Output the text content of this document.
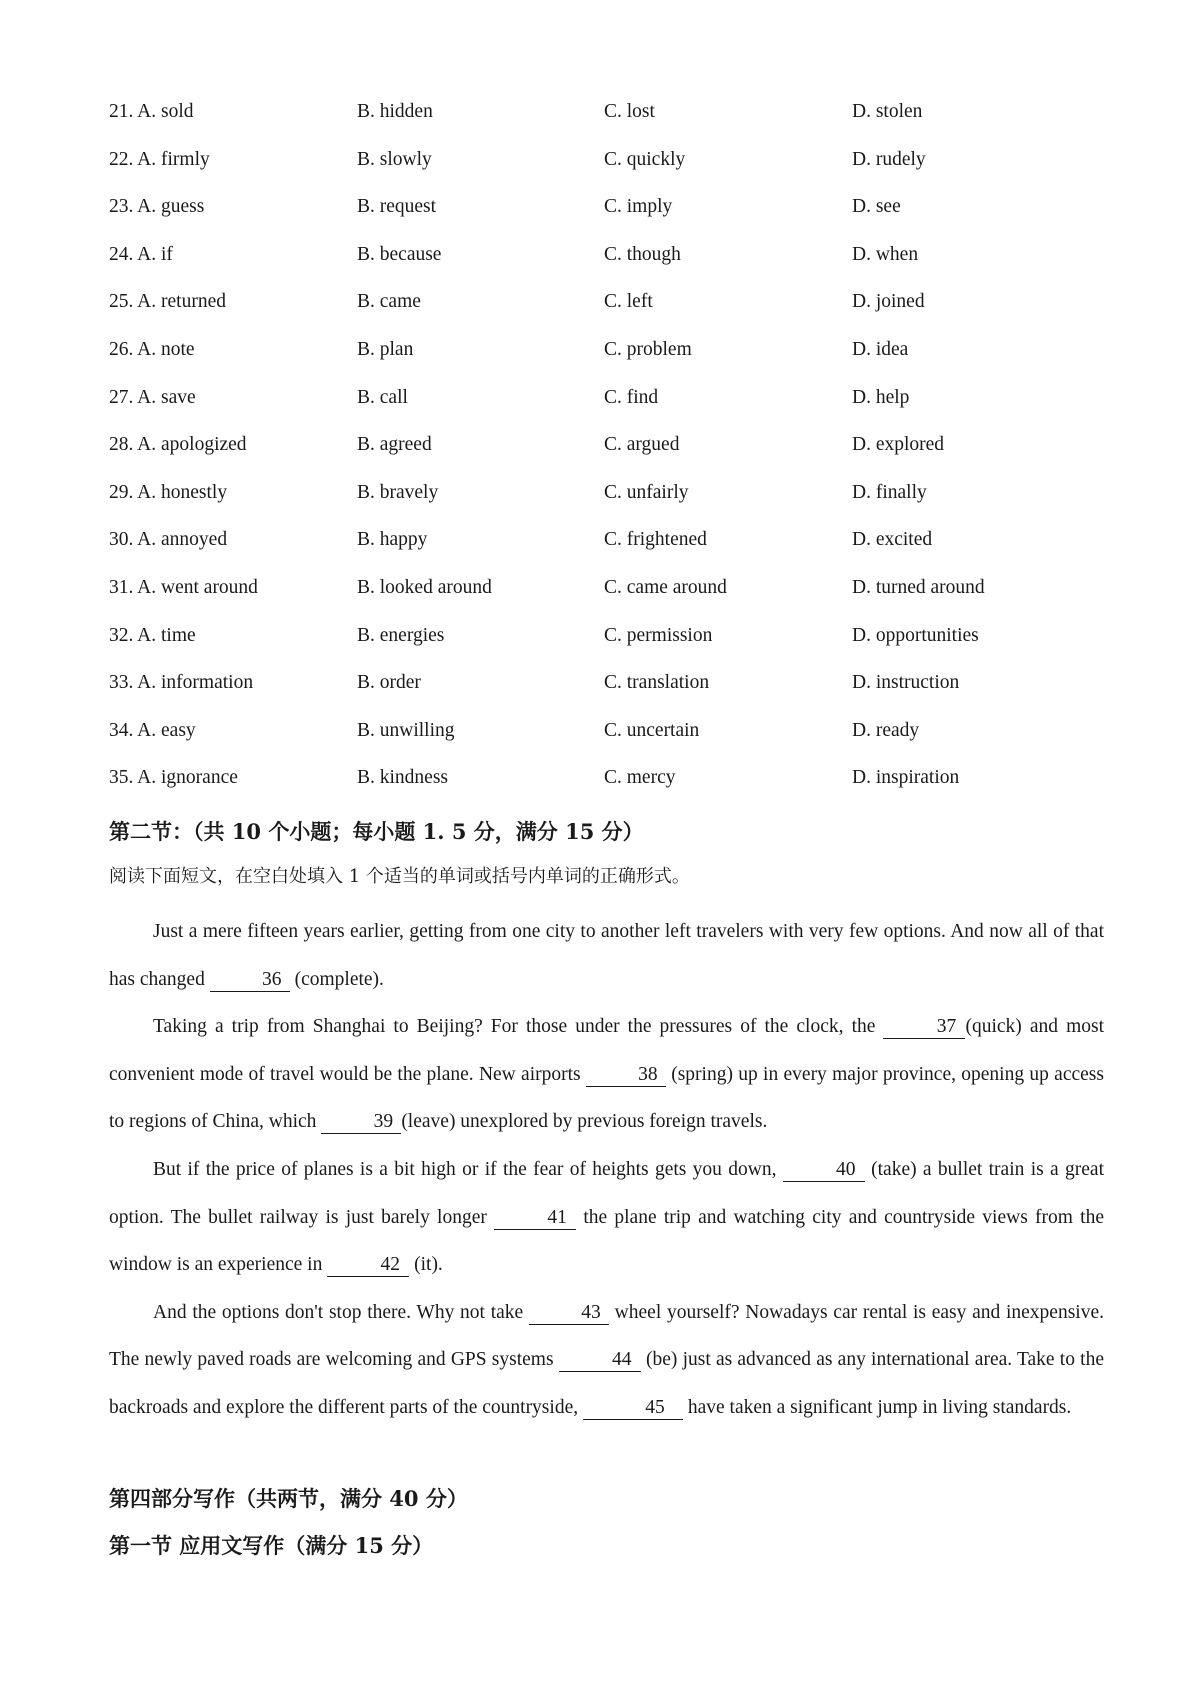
21. A. sold	B. hidden	C. lost	D. stolen
22. A. firmly	B. slowly	C. quickly	D. rudely
23. A. guess	B. request	C. imply	D. see
24. A. if	B. because	C. though	D. when
25. A. returned	B. came	C. left	D. joined
26. A. note	B. plan	C. problem	D. idea
27. A. save	B. call	C. find	D. help
28. A. apologized	B. agreed	C. argued	D. explored
29. A. honestly	B. bravely	C. unfairly	D. finally
30. A. annoyed	B. happy	C. frightened	D. excited
31. A. went around	B. looked around	C. came around	D. turned around
32. A. time	B. energies	C. permission	D. opportunities
33. A. information	B. order	C. translation	D. instruction
34. A. easy	B. unwilling	C. uncertain	D. ready
35. A. ignorance	B. kindness	C. mercy	D. inspiration
第二节：（共 10 个小题；每小题 1. 5 分，满分 15 分）
阅读下面短文，在空白处填入 1 个适当的单词或括号内单词的正确形式。

Just a mere fifteen years earlier, getting from one city to another left travelers with very few options. And now all of that has changed	36 (complete).

Taking a trip from Shanghai to Beijing? For those under the pressures of the clock, the	37 (quick) and most convenient mode of travel would be the plane. New airports	38 (spring) up in every major province, opening up access to regions of China, which	39 (leave) unexplored by previous foreign travels.

But if the price of planes is a bit high or if the fear of heights gets you down,	40 (take) a bullet train is a great option. The bullet railway is just barely longer	41 the plane trip and watching city and countryside views from the window is an experience in	42 (it).

And the options don't stop there. Why not take	43 wheel yourself? Nowadays car rental is easy and inexpensive. The newly paved roads are welcoming and GPS systems	44 (be) just as advanced as any international area. Take to the backroads and explore the different parts of the countryside,	45 have taken a significant jump in living standards.

第四部分写作（共两节，满分 40 分）
第一节 应用文写作（满分 15 分）
